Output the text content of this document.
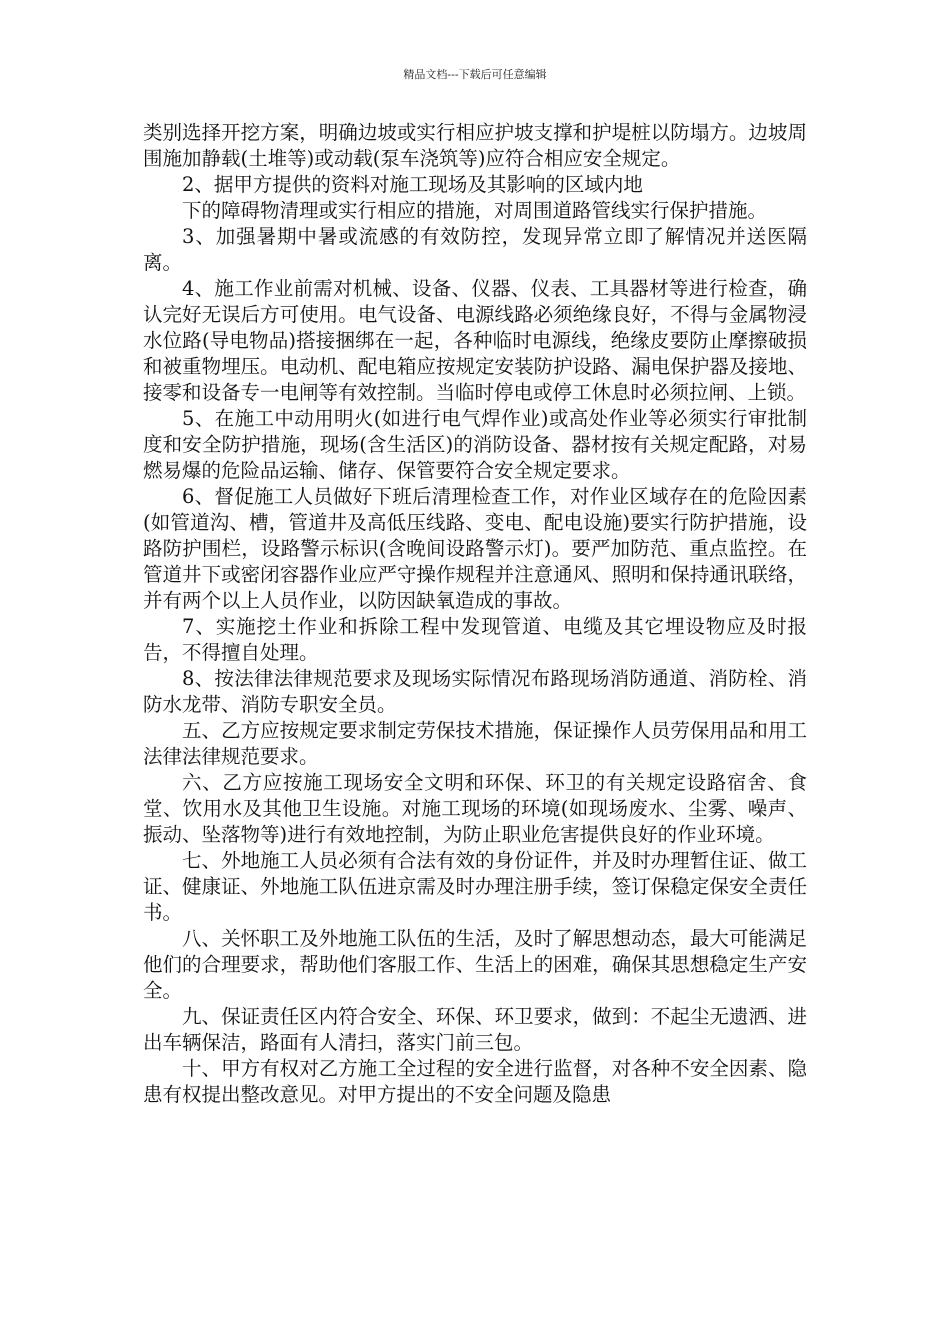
精品文档---下载后可任意编辑

类别选择开挖方案，明确边坡或实行相应护坡支撑和护堤桩以防塌方。边坡周围施加静载(土堆等)或动载(泵车浇筑等)应符合相应安全规定。

2、据甲方提供的资料对施工现场及其影响的区域内地

下的障碍物清理或实行相应的措施，对周围道路管线实行保护措施。

3、加强暑期中暑或流感的有效防控，发现异常立即了解情况并送医隔离。

4、施工作业前需对机械、设备、仪器、仪表、工具器材等进行检查，确认完好无误后方可使用。电气设备、电源线路必须绝缘良好，不得与金属物浸水位路(导电物品)搭接捆绑在一起，各种临时电源线，绝缘皮要防止摩擦破损和被重物埋压。电动机、配电箱应按规定安装防护设路、漏电保护器及接地、接零和设备专一电闸等有效控制。当临时停电或停工休息时必须拉闸、上锁。

5、在施工中动用明火(如进行电气焊作业)或高处作业等必须实行审批制度和安全防护措施，现场(含生活区)的消防设备、器材按有关规定配路，对易燃易爆的危险品运输、储存、保管要符合安全规定要求。

6、督促施工人员做好下班后清理检查工作，对作业区域存在的危险因素(如管道沟、槽，管道井及高低压线路、变电、配电设施)要实行防护措施，设路防护围栏，设路警示标识(含晚间设路警示灯)。要严加防范、重点监控。在管道井下或密闭容器作业应严守操作规程并注意通风、照明和保持通讯联络，并有两个以上人员作业，以防因缺氧造成的事故。

7、实施挖土作业和拆除工程中发现管道、电缆及其它埋设物应及时报告，不得擅自处理。

8、按法律法律规范要求及现场实际情况布路现场消防通道、消防栓、消防水龙带、消防专职安全员。

五、乙方应按规定要求制定劳保技术措施，保证操作人员劳保用品和用工法律法律规范要求。

六、乙方应按施工现场安全文明和环保、环卫的有关规定设路宿舍、食堂、饮用水及其他卫生设施。对施工现场的环境(如现场废水、尘雾、噪声、振动、坠落物等)进行有效地控制，为防止职业危害提供良好的作业环境。

七、外地施工人员必须有合法有效的身份证件，并及时办理暂住证、做工证、健康证、外地施工队伍进京需及时办理注册手续，签订保稳定保安全责任书。

八、关怀职工及外地施工队伍的生活，及时了解思想动态，最大可能满足他们的合理要求，帮助他们客服工作、生活上的困难，确保其思想稳定生产安全。

九、保证责任区内符合安全、环保、环卫要求，做到：不起尘无遗洒、进出车辆保洁，路面有人清扫，落实门前三包。

十、甲方有权对乙方施工全过程的安全进行监督，对各种不安全因素、隐患有权提出整改意见。对甲方提出的不安全问题及隐患
